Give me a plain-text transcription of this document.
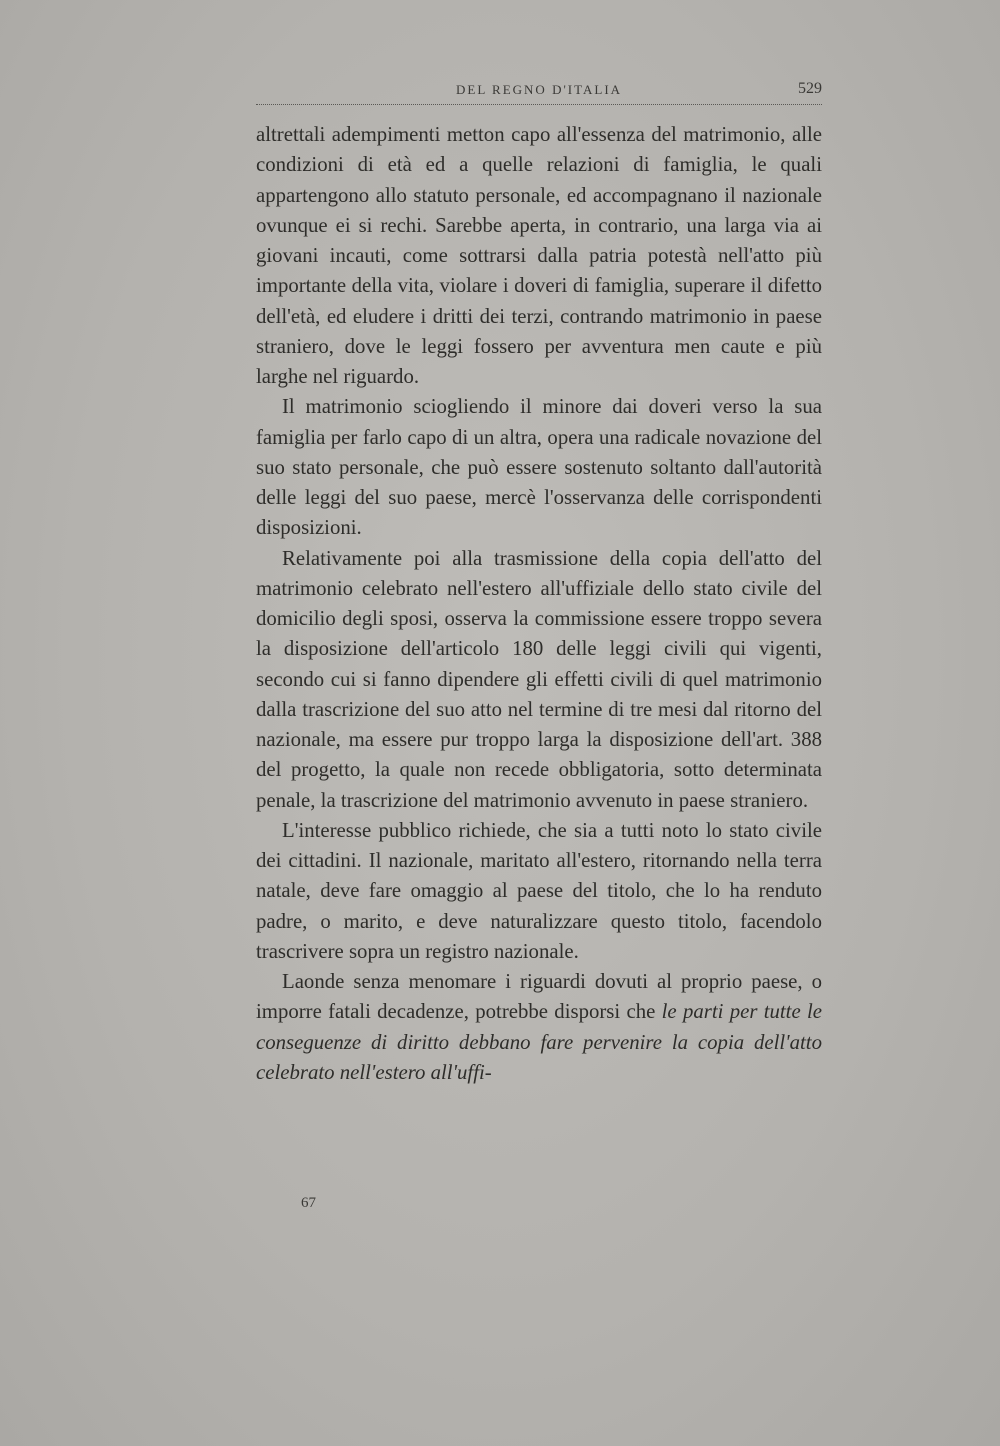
DEL REGNO D'ITALIA	529

altrettali adempimenti metton capo all'essenza del matrimonio, alle condizioni di età ed a quelle relazioni di famiglia, le quali appartengono allo statuto personale, ed accompagnano il nazionale ovunque ei si rechi. Sarebbe aperta, in contrario, una larga via ai giovani incauti, come sottrarsi dalla patria potestà nell'atto più importante della vita, violare i doveri di famiglia, superare il difetto dell'età, ed eludere i dritti dei terzi, contrando matrimonio in paese straniero, dove le leggi fossero per avventura men caute e più larghe nel riguardo.

Il matrimonio sciogliendo il minore dai doveri verso la sua famiglia per farlo capo di un altra, opera una radicale novazione del suo stato personale, che può essere sostenuto soltanto dall'autorità delle leggi del suo paese, mercè l'osservanza delle corrispondenti disposizioni.

Relativamente poi alla trasmissione della copia dell'atto del matrimonio celebrato nell'estero all'uffiziale dello stato civile del domicilio degli sposi, osserva la commissione essere troppo severa la disposizione dell'articolo 180 delle leggi civili qui vigenti, secondo cui si fanno dipendere gli effetti civili di quel matrimonio dalla trascrizione del suo atto nel termine di tre mesi dal ritorno del nazionale, ma essere pur troppo larga la disposizione dell'art. 388 del progetto, la quale non recede obbligatoria, sotto determinata penale, la trascrizione del matrimonio avvenuto in paese straniero.

L'interesse pubblico richiede, che sia a tutti noto lo stato civile dei cittadini. Il nazionale, maritato all'estero, ritornando nella terra natale, deve fare omaggio al paese del titolo, che lo ha renduto padre, o marito, e deve naturalizzare questo titolo, facendolo trascrivere sopra un registro nazionale.

Laonde senza menomare i riguardi dovuti al proprio paese, o imporre fatali decadenze, potrebbe disporsi che le parti per tutte le conseguenze di diritto debbano fare pervenire la copia dell'atto celebrato nell'estero all'uffi-

67
